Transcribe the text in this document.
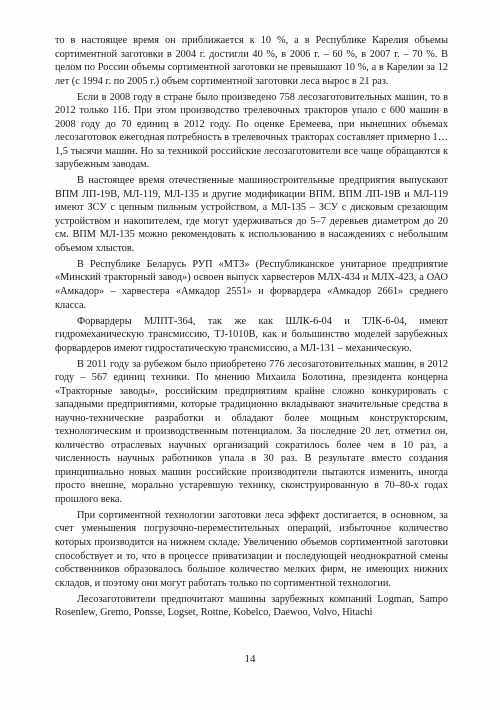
то в настоящее время он приближается к 10 %, а в Республике Карелия объемы сортиментной заготовки в 2004 г. достигли 40 %, в 2006 г. – 60 %, в 2007 г. – 70 %. В целом по России объемы сортиментной заготовки не превышают 10 %, а в Карелии за 12 лет (с 1994 г. по 2005 г.) объем сортиментной заготовки леса вырос в 21 раз.

Если в 2008 году в стране было произведено 758 лесозаготовительных машин, то в 2012 только 116. При этом производство трелевочных тракторов упало с 600 машин в 2008 году до 70 единиц в 2012 году. По оценке Еремеева, при нынешних объемах лесозаготовок ежегодная потребность в трелевочных тракторах составляет примерно 1…1,5 тысячи машин. Но за техникой российские лесозаготовители все чаще обращаются к зарубежным заводам.

В настоящее время отечественные машиностроительные предприятия выпускают ВПМ ЛП-19В, МЛ-119, МЛ-135 и другие модификации ВПМ. ВПМ ЛП-19В и МЛ-119 имеют ЗСУ с цепным пильным устройством, а МЛ-135 – ЗСУ с дисковым срезающим устройством и накопителем, где могут удерживаться до 5–7 деревьев диаметром до 20 см. ВПМ МЛ-135 можно рекомендовать к использованию в насаждениях с небольшим объемом хлыстов.

В Республике Беларусь РУП «МТЗ» (Республиканское унитарное предприятие «Минский тракторный завод») освоен выпуск харвестеров МЛХ-434 и МЛХ-423, а ОАО «Амкадор» – харвестера «Амкадор 2551» и форвардера «Амкадор 2661» среднего класса.

Форвардеры МЛПТ-364, так же как ШЛК-6-04 и ТЛК-6-04, имеют гидромеханическую трансмиссию, TJ-1010В, как и большинство моделей зарубежных форвардеров имеют гидростатическую трансмиссию, а МЛ-131 – механическую.

В 2011 году за рубежом было приобретено 776 лесозаготовительных машин, в 2012 году – 567 единиц техники. По мнению Михаила Болотина, президента концерна «Тракторные заводы», российским предприятиям крайне сложно конкурировать с западными предприятиями, которые традиционно вкладывают значительные средства в научно-технические разработки и обладают более мощным конструкторским, технологическим и производственным потенциалом. За последние 20 лет, отметил он, количество отраслевых научных организаций сократилось более чем в 10 раз, а численность научных работников упала в 30 раз. В результате вместо создания принципиально новых машин российские производители пытаются изменить, иногда просто внешне, морально устаревшую технику, сконструированную в 70–80-х годах прошлого века.

При сортиментной технологии заготовки леса эффект достигается, в основном, за счет уменьшения погрузочно-переместительных операций, избыточное количество которых производится на нижнем складе. Увеличению объемов сортиментной заготовки способствует и то, что в процессе приватизации и последующей неоднократной смены собственников образовалось большое количество мелких фирм, не имеющих нижних складов, и поэтому они могут работать только по сортиментной технологии.

Лесозаготовители предпочитают машины зарубежных компаний Logman, Sampo Rosenlew, Gremo, Ponsse, Logset, Rottne, Kobelco, Daewoo, Volvo, Hitachi

14
